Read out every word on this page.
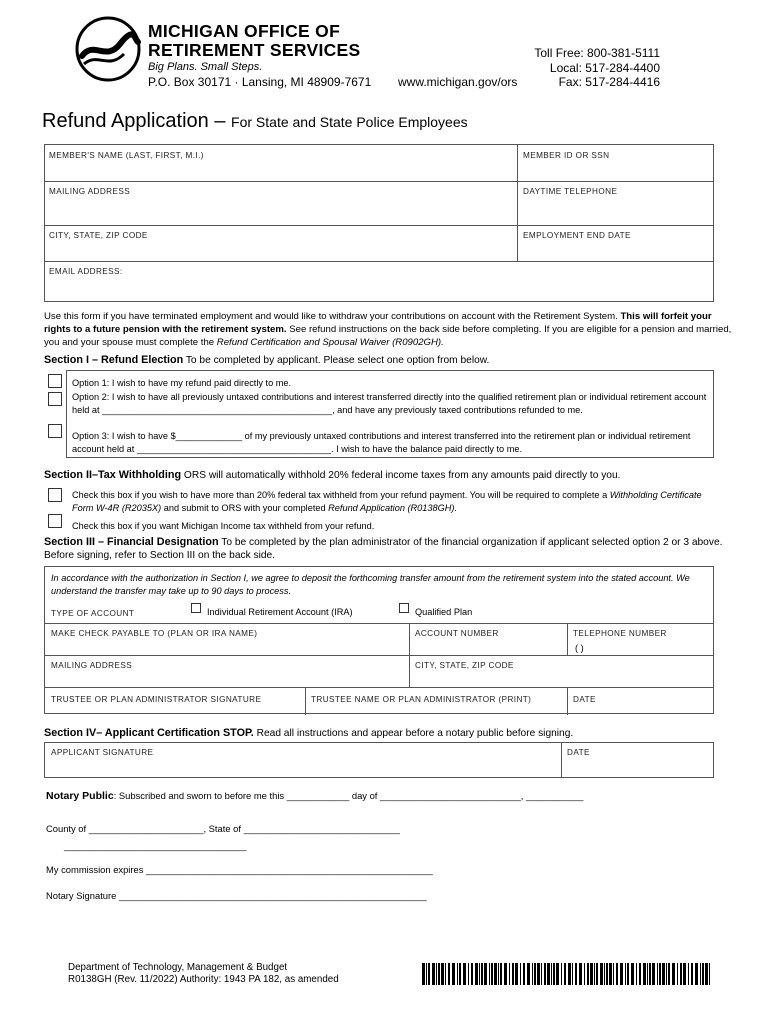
MICHIGAN OFFICE OF
RETIREMENT SERVICES
Big Plans. Small Steps.
P.O. Box 30171 · Lansing, MI 48909-7671 www.michigan.gov/ors
Toll Free: 800-381-5111
Local: 517-284-4400
Fax: 517-284-4416
Refund Application – For State and State Police Employees
MEMBER'S NAME (LAST, FIRST, M.I.)	MEMBER ID OR SSN
MAILING ADDRESS	DAYTIME TELEPHONE
CITY, STATE, ZIP CODE	EMPLOYMENT END DATE
EMAIL ADDRESS:
Use this form if you have terminated employment and would like to withdraw your contributions on account with the Retirement System. This will forfeit your rights to a future pension with the retirement system. See refund instructions on the back side before completing. If you are eligible for a pension and married, you and your spouse must complete the Refund Certification and Spousal Waiver (R0902GH).
Section I – Refund Election To be completed by applicant. Please select one option from below.
Option 1: I wish to have my refund paid directly to me.
Option 2: I wish to have all previously untaxed contributions and interest transferred directly into the qualified retirement plan or individual retirement account held at _____________________________________________, and have any previously taxed contributions refunded to me.
Option 3: I wish to have $_____________ of my previously untaxed contributions and interest transferred into the retirement plan or individual retirement account held at ______________________________________. I wish to have the balance paid directly to me.
Section II–Tax Withholding ORS will automatically withhold 20% federal income taxes from any amounts paid directly to you.
Check this box if you wish to have more than 20% federal tax withheld from your refund payment. You will be required to complete a Withholding Certificate Form W-4R (R2035X) and submit to ORS with your completed Refund Application (R0138GH).
Check this box if you want Michigan Income tax withheld from your refund.
Section III – Financial Designation To be completed by the plan administrator of the financial organization if applicant selected option 2 or 3 above. Before signing, refer to Section III on the back side.
In accordance with the authorization in Section I, we agree to deposit the forthcoming transfer amount from the retirement system into the stated account. We understand the transfer may take up to 90 days to process.
TYPE OF ACCOUNT	Individual Retirement Account (IRA)	Qualified Plan
MAKE CHECK PAYABLE TO (PLAN OR IRA NAME)	ACCOUNT NUMBER	TELEPHONE NUMBER
( )
MAILING ADDRESS	CITY, STATE, ZIP CODE
TRUSTEE OR PLAN ADMINISTRATOR SIGNATURE	TRUSTEE NAME OR PLAN ADMINISTRATOR (PRINT)	DATE
Section IV– Applicant Certification STOP. Read all instructions and appear before a notary public before signing.
APPLICANT SIGNATURE	DATE
Notary Public: Subscribed and sworn to before me this ____________ day of ___________________________, ___________
County of ______________________, State of ______________________________
___________________________________
My commission expires _______________________________________________________
Notary Signature ___________________________________________________________
Department of Technology, Management & Budget
R0138GH (Rev. 11/2022) Authority: 1943 PA 182, as amended
